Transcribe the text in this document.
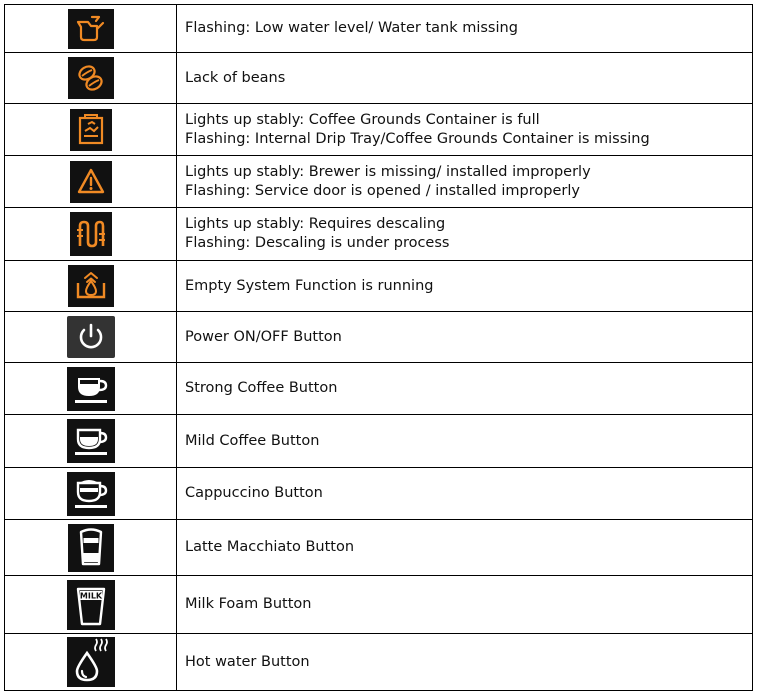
Flashing: Low water level/ Water tank missing

Lack of beans

Lights up stably: Coffee Grounds Container is full
Flashing: Internal Drip Tray/Coffee Grounds Container is missing

Lights up stably: Brewer is missing/ installed improperly
Flashing: Service door is opened / installed improperly

Lights up stably: Requires descaling
Flashing: Descaling is under process

Empty System Function is running

Power ON/OFF Button

Strong Coffee Button

Mild Coffee Button

Cappuccino Button

Latte Macchiato Button

MILK	Milk Foam Button

Hot water Button
